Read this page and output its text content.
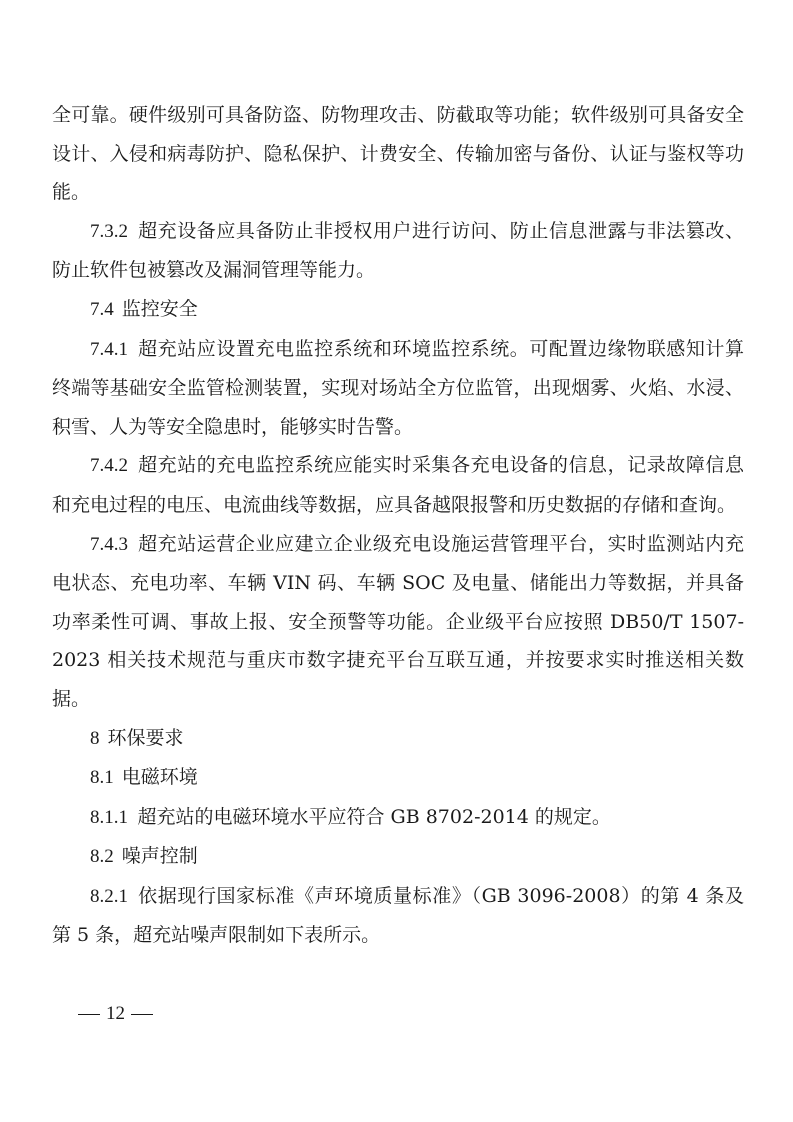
全可靠。硬件级别可具备防盗、防物理攻击、防截取等功能；软件级别可具备安全设计、入侵和病毒防护、隐私保护、计费安全、传输加密与备份、认证与鉴权等功能。

7.3.2  超充设备应具备防止非授权用户进行访问、防止信息泄露与非法篡改、防止软件包被篡改及漏洞管理等能力。

7.4 监控安全

7.4.1  超充站应设置充电监控系统和环境监控系统。可配置边缘物联感知计算终端等基础安全监管检测装置，实现对场站全方位监管，出现烟雾、火焰、水浸、积雪、人为等安全隐患时，能够实时告警。

7.4.2  超充站的充电监控系统应能实时采集各充电设备的信息，记录故障信息和充电过程的电压、电流曲线等数据，应具备越限报警和历史数据的存储和查询。

7.4.3  超充站运营企业应建立企业级充电设施运营管理平台，实时监测站内充电状态、充电功率、车辆 VIN 码、车辆 SOC 及电量、储能出力等数据，并具备功率柔性可调、事故上报、安全预警等功能。企业级平台应按照 DB50/T 1507-2023 相关技术规范与重庆市数字捷充平台互联互通，并按要求实时推送相关数据。

8 环保要求

8.1 电磁环境

8.1.1  超充站的电磁环境水平应符合 GB 8702-2014 的规定。

8.2 噪声控制

8.2.1  依据现行国家标准《声环境质量标准》（GB 3096-2008）的第 4 条及第 5 条，超充站噪声限制如下表所示。

12
